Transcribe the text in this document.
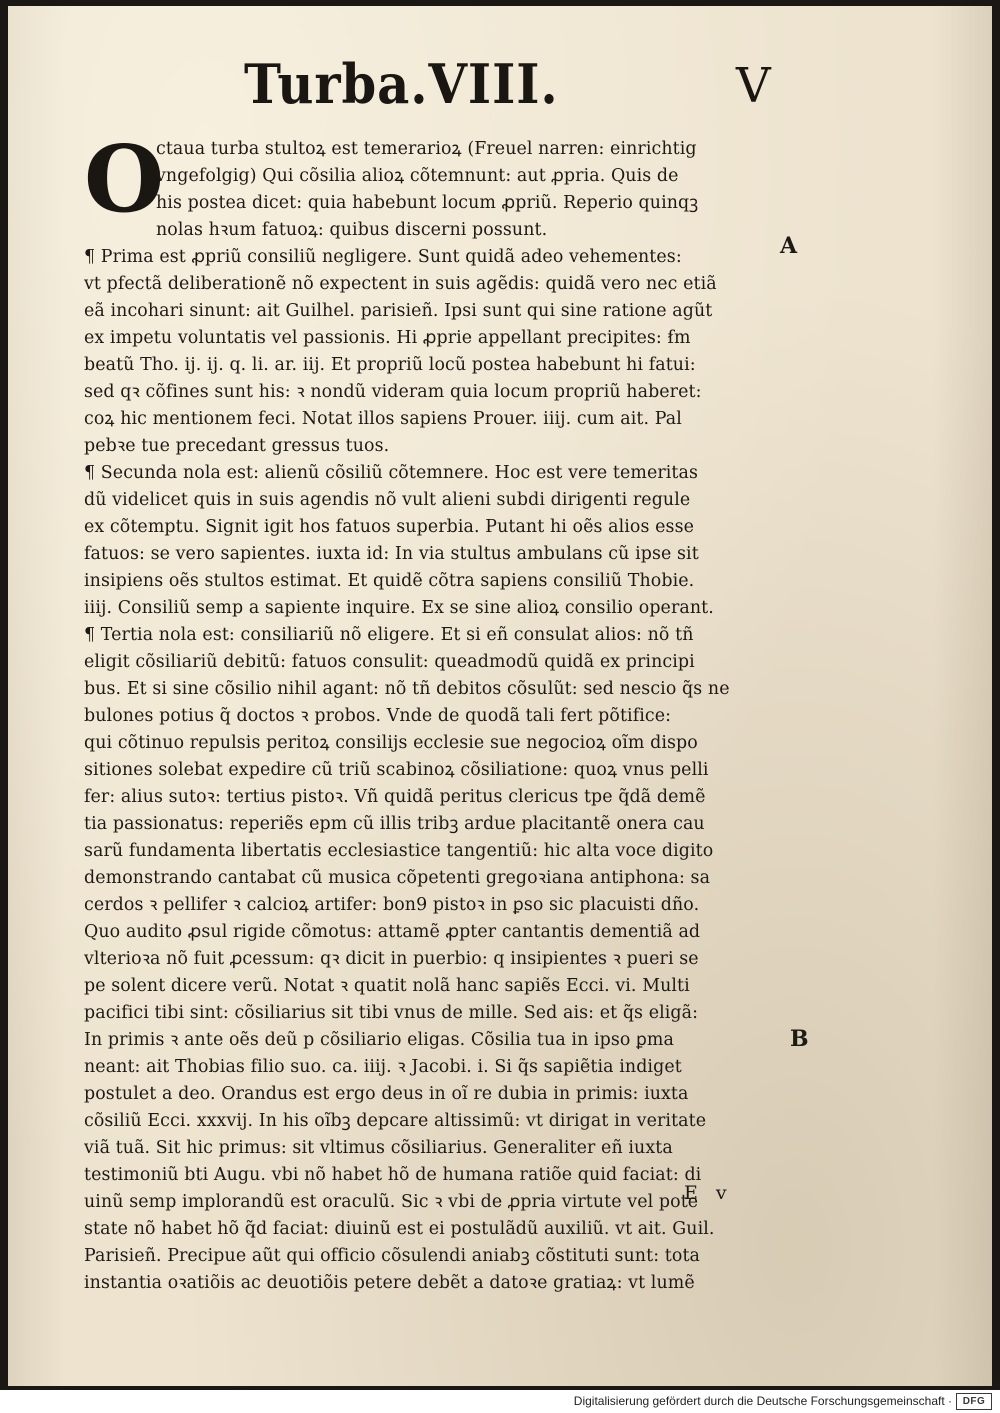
Turba.VIII.	V
O
ctaua turba stultoꝝ est temerarioꝝ (Freuel narren: einrichtig
vngefolgig) Qui cõsilia alioꝝ cõtemnunt: aut ꝓpria. Quis de
his postea dicet: quia habebunt locum ꝓpriũ. Reperio quinqꝫ
nolas hꝛum fatuoꝝ: quibus discerni possunt.
¶ Prima est ꝓpriũ consiliũ negligere. Sunt quidã adeo vehementes:
vt pfectã deliberationẽ nõ expectent in suis agẽdis: quidã vero nec etiã
eã incohari sinunt: ait Guilhel. parisieñ. Ipsi sunt qui sine ratione agũt
ex impetu voluntatis vel passionis. Hi ꝓprie appellant precipites: ẜm
beatũ Tho. ij. ij. q. li. ar. iij. Et propriũ locũ postea habebunt hi fatui:
sed qꝛ cõfines sunt his: ꝛ nondũ videram quia locum propriũ haberet:
coꝝ hic mentionem feci. Notat illos sapiens Prouer. iiij. cum ait. Pal
pebꝛe tue precedant gressus tuos.
¶ Secunda nola est: alienũ cõsiliũ cõtemnere. Hoc est vere temeritas
dũ videlicet quis in suis agendis nõ vult alieni subdi dirigenti regule
ex cõtemptu. Signit igit hos fatuos superbia. Putant hi oẽs alios esse
fatuos: se vero sapientes. iuxta id: In via stultus ambulans cũ ipse sit
insipiens oẽs stultos estimat. Et quidẽ cõtra sapiens consiliũ Thobie.
iiij. Consiliũ semp a sapiente inquire. Ex se sine alioꝝ consilio operant.
¶ Tertia nola est: consiliariũ nõ eligere. Et si eñ consulat alios: nõ tñ
eligit cõsiliariũ debitũ: fatuos consulit: queadmodũ quidã ex principi
bus. Et si sine cõsilio nihil agant: nõ tñ debitos cõsulũt: sed nescio q̃s ne
bulones potius q̃ doctos ꝛ probos. Vnde de quodã tali fert põtifice:
qui cõtinuo repulsis peritoꝝ consilijs ecclesie sue negocioꝝ oĩm dispo
sitiones solebat expedire cũ triũ scabinoꝝ cõsiliatione: quoꝝ vnus pelli
fer: alius sutoꝛ: tertius pistoꝛ. Vñ quidã peritus clericus tpe q̃dã demẽ
tia passionatus: reperiẽs epm cũ illis tribꝫ ardue placitantẽ onera cau
sarũ fundamenta libertatis ecclesiastice tangentiũ: hic alta voce digito
demonstrando cantabat cũ musica cõpetenti gregoꝛiana antiphona: sa
cerdos ꝛ pellifer ꝛ calcioꝝ artifer: bon9 pistoꝛ in ꝑso sic placuisti dño.
Quo audito ꝓsul rigide cõmotus: attamẽ ꝓpter cantantis dementiã ad
vlterioꝛa nõ fuit ꝓcessum: qꝛ dicit in puerbio: q insipientes ꝛ pueri se
pe solent dicere verũ. Notat ꝛ quatit nolã hanc sapiẽs Ecci. vi. Multi
pacifici tibi sint: cõsiliarius sit tibi vnus de mille. Sed ais: et q̃s eligã:
In primis ꝛ ante oẽs deũ p cõsiliario eligas. Cõsilia tua in ipso ꝑma
neant: ait Thobias filio suo. ca. iiij. ꝛ Jacobi. i. Si q̃s sapiẽtia indiget
postulet a deo. Orandus est ergo deus in oĩ re dubia in primis: iuxta
cõsiliũ Ecci. xxxvij. In his oĩbꝫ depcare altissimũ: vt dirigat in veritate
viã tuã. Sit hic primus: sit vltimus cõsiliarius. Generaliter eñ iuxta
testimoniũ bti Augu. vbi nõ habet hõ de humana ratiõe quid faciat: di
uinũ semp implorandũ est oraculũ. Sic ꝛ vbi de ꝓpria virtute vel pote
state nõ habet hõ q̃d faciat: diuinũ est ei postulãdũ auxiliũ. vt ait. Guil.
Parisieñ. Precipue aũt qui officio cõsulendi aniabꝫ cõstituti sunt: tota
instantia oꝛatiõis ac deuotiõis petere debẽt a datoꝛe gratiaꝝ: vt lumẽ
A
B
E v
Digitalisierung gefördert durch die Deutsche Forschungsgemeinschaft ·	DFG
